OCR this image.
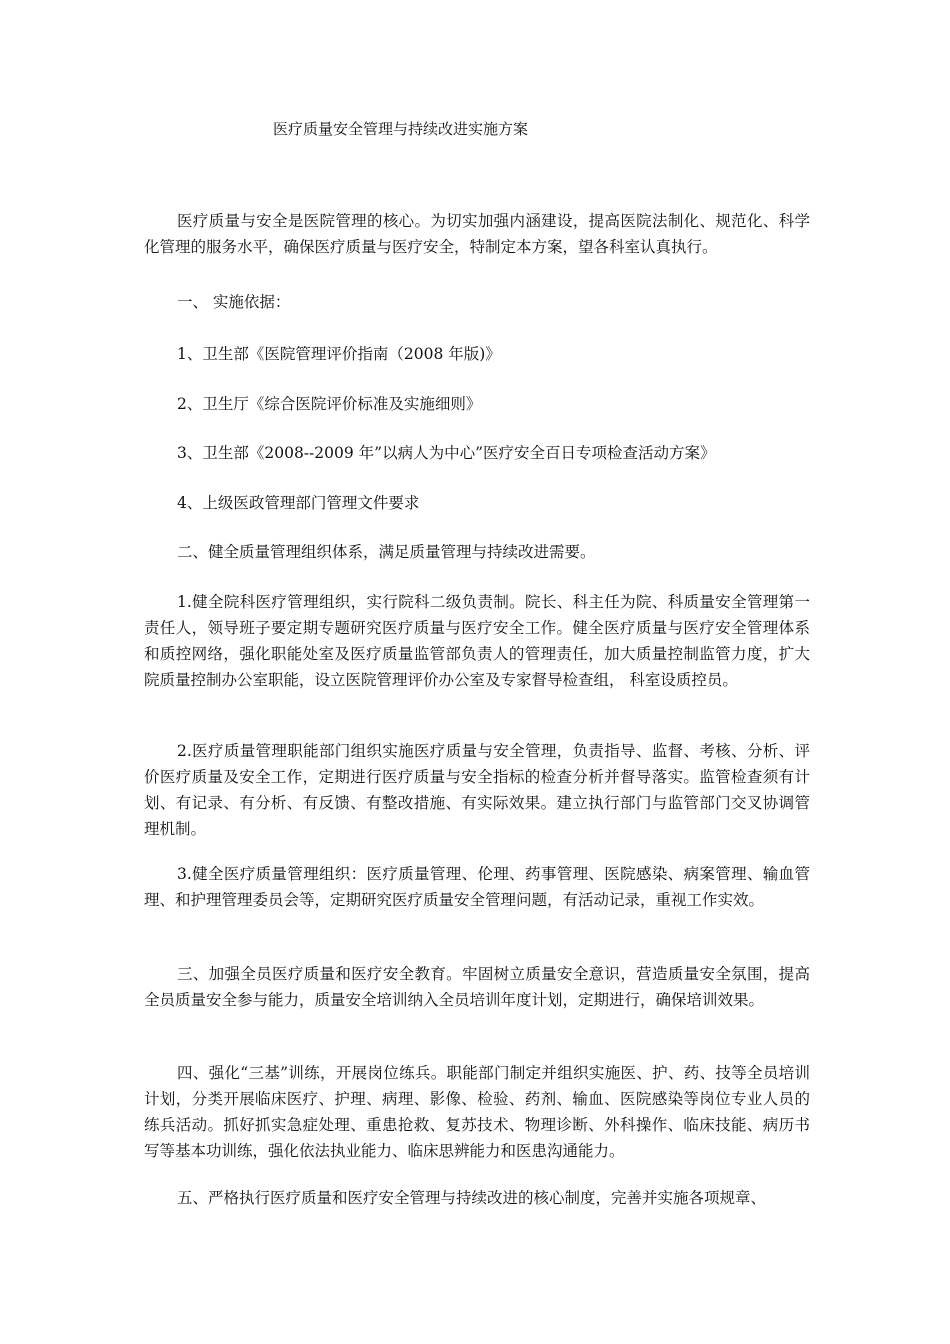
医疗质量安全管理与持续改进实施方案

医疗质量与安全是医院管理的核心。为切实加强内涵建设，提高医院法制化、规范化、科学化管理的服务水平，确保医疗质量与医疗安全，特制定本方案，望各科室认真执行。

一、 实施依据：

1、卫生部《医院管理评价指南（2008 年版)》

2、卫生厅《综合医院评价标准及实施细则》

3、卫生部《2008--2009 年”以病人为中心”医疗安全百日专项检查活动方案》

4、上级医政管理部门管理文件要求

二、健全质量管理组织体系，满足质量管理与持续改进需要。

1.健全院科医疗管理组织，实行院科二级负责制。院长、科主任为院、科质量安全管理第一责任人，领导班子要定期专题研究医疗质量与医疗安全工作。健全医疗质量与医疗安全管理体系和质控网络，强化职能处室及医疗质量监管部负责人的管理责任，加大质量控制监管力度，扩大院质量控制办公室职能，设立医院管理评价办公室及专家督导检查组， 科室设质控员。

2.医疗质量管理职能部门组织实施医疗质量与安全管理，负责指导、监督、考核、分析、评价医疗质量及安全工作，定期进行医疗质量与安全指标的检查分析并督导落实。监管检查须有计划、有记录、有分析、有反馈、有整改措施、有实际效果。建立执行部门与监管部门交叉协调管理机制。

3.健全医疗质量管理组织：医疗质量管理、伦理、药事管理、医院感染、病案管理、输血管理、和护理管理委员会等，定期研究医疗质量安全管理问题，有活动记录，重视工作实效。

三、加强全员医疗质量和医疗安全教育。牢固树立质量安全意识，营造质量安全氛围，提高全员质量安全参与能力，质量安全培训纳入全员培训年度计划，定期进行，确保培训效果。

四、强化“三基”训练，开展岗位练兵。职能部门制定并组织实施医、护、药、技等全员培训计划，分类开展临床医疗、护理、病理、影像、检验、药剂、输血、医院感染等岗位专业人员的练兵活动。抓好抓实急症处理、重患抢救、复苏技术、物理诊断、外科操作、临床技能、病历书写等基本功训练，强化依法执业能力、临床思辨能力和医患沟通能力。

五、严格执行医疗质量和医疗安全管理与持续改进的核心制度，完善并实施各项规章、
